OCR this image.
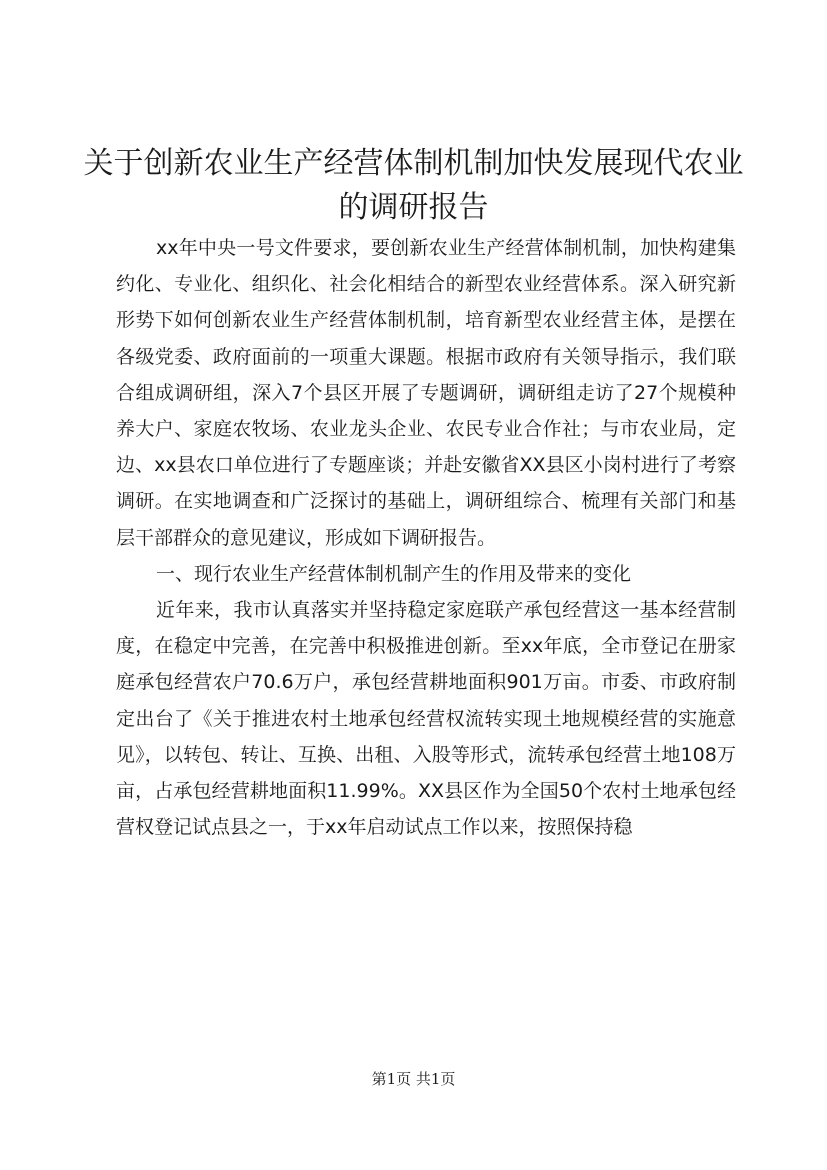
关于创新农业生产经营体制机制加快发展现代农业的调研报告

xx年中央一号文件要求，要创新农业生产经营体制机制，加快构建集约化、专业化、组织化、社会化相结合的新型农业经营体系。深入研究新形势下如何创新农业生产经营体制机制，培育新型农业经营主体，是摆在各级党委、政府面前的一项重大课题。根据市政府有关领导指示，我们联合组成调研组，深入7个县区开展了专题调研，调研组走访了27个规模种养大户、家庭农牧场、农业龙头企业、农民专业合作社；与市农业局，定边、xx县农口单位进行了专题座谈；并赴安徽省XX县区小岗村进行了考察调研。在实地调查和广泛探讨的基础上，调研组综合、梳理有关部门和基层干部群众的意见建议，形成如下调研报告。

一、现行农业生产经营体制机制产生的作用及带来的变化

近年来，我市认真落实并坚持稳定家庭联产承包经营这一基本经营制度，在稳定中完善，在完善中积极推进创新。至xx年底，全市登记在册家庭承包经营农户70.6万户，承包经营耕地面积901万亩。市委、市政府制定出台了《关于推进农村土地承包经营权流转实现土地规模经营的实施意见》，以转包、转让、互换、出租、入股等形式，流转承包经营土地108万亩，占承包经营耕地面积11.99%。XX县区作为全国50个农村土地承包经营权登记试点县之一，于xx年启动试点工作以来，按照保持稳

第1页 共1页
